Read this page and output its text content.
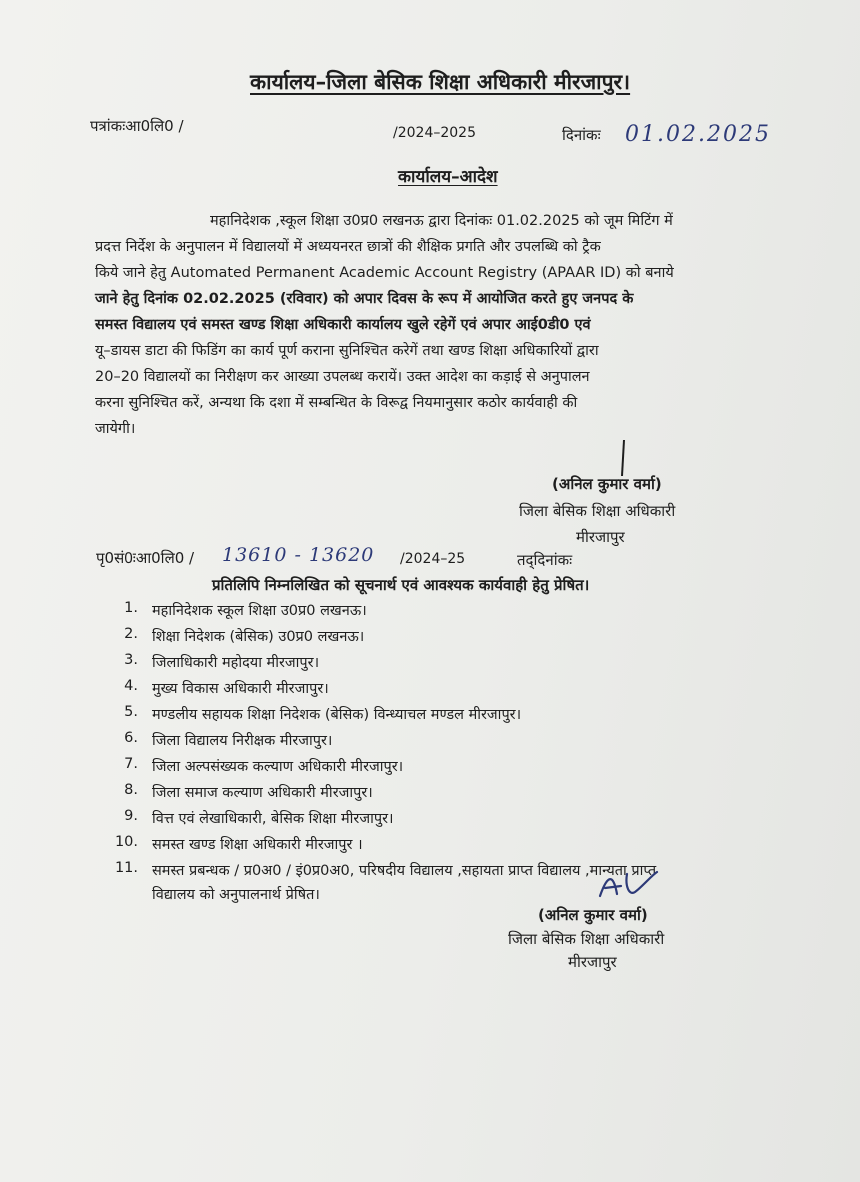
कार्यालय–जिला बेसिक शिक्षा अधिकारी मीरजापुर।
पत्रांकःआ0लि0 /	/2024–2025	दिनांकः 01.02.2025
कार्यालय–आदेश
महानिदेशक ,स्कूल शिक्षा उ0प्र0 लखनऊ द्वारा दिनांकः 01.02.2025 को जूम मिटिंग में
प्रदत्त निर्देश के अनुपालन में विद्यालयों में अध्ययनरत छात्रों की शैक्षिक प्रगति और उपलब्धि को ट्रैक
किये जाने हेतु Automated Permanent Academic Account Registry (APAAR ID) को बनाये
जाने हेतु दिनांक 02.02.2025 (रविवार) को अपार दिवस के रूप में आयोजित करते हुए जनपद के
समस्त विद्यालय एवं समस्त खण्ड शिक्षा अधिकारी कार्यालय खुले रहेगें एवं अपार आई0डी0 एवं
यू–डायस डाटा की फिडिंग का कार्य पूर्ण कराना सुनिश्चित करेगें तथा खण्ड शिक्षा अधिकारियों द्वारा
20–20 विद्यालयों का निरीक्षण कर आख्या उपलब्ध करायें। उक्त आदेश का कड़ाई से अनुपालन
करना सुनिश्चित करें, अन्यथा कि दशा में सम्बन्धित के विरूद्व नियमानुसार कठोर कार्यवाही की
जायेगी।
(अनिल कुमार वर्मा)
जिला बेसिक शिक्षा अधिकारी
मीरजापुर
पृ0सं0ःआ0लि0 / 13610 - 13620 /2024–25	तद्‌दिनांकः
प्रतिलिपि निम्नलिखित को सूचनार्थ एवं आवश्यक कार्यवाही हेतु प्रेषित।
1. महानिदेशक स्कूल शिक्षा उ0प्र0 लखनऊ।
2. शिक्षा निदेशक (बेसिक) उ0प्र0 लखनऊ।
3. जिलाधिकारी महोदया मीरजापुर।
4. मुख्य विकास अधिकारी मीरजापुर।
5. मण्डलीय सहायक शिक्षा निदेशक (बेसिक) विन्ध्याचल मण्डल मीरजापुर।
6. जिला विद्यालय निरीक्षक मीरजापुर।
7. जिला अल्पसंख्यक कल्याण अधिकारी मीरजापुर।
8. जिला समाज कल्याण अधिकारी मीरजापुर।
9. वित्त एवं लेखाधिकारी, बेसिक शिक्षा मीरजापुर।
10. समस्त खण्ड शिक्षा अधिकारी मीरजापुर ।
11. समस्त प्रबन्धक / प्र0अ0 / इं0प्र0अ0, परिषदीय विद्यालय ,सहायता प्राप्त विद्यालय ,मान्यता प्राप्त
विद्यालय को अनुपालनार्थ प्रेषित।
(अनिल कुमार वर्मा)
जिला बेसिक शिक्षा अधिकारी
मीरजापुर
